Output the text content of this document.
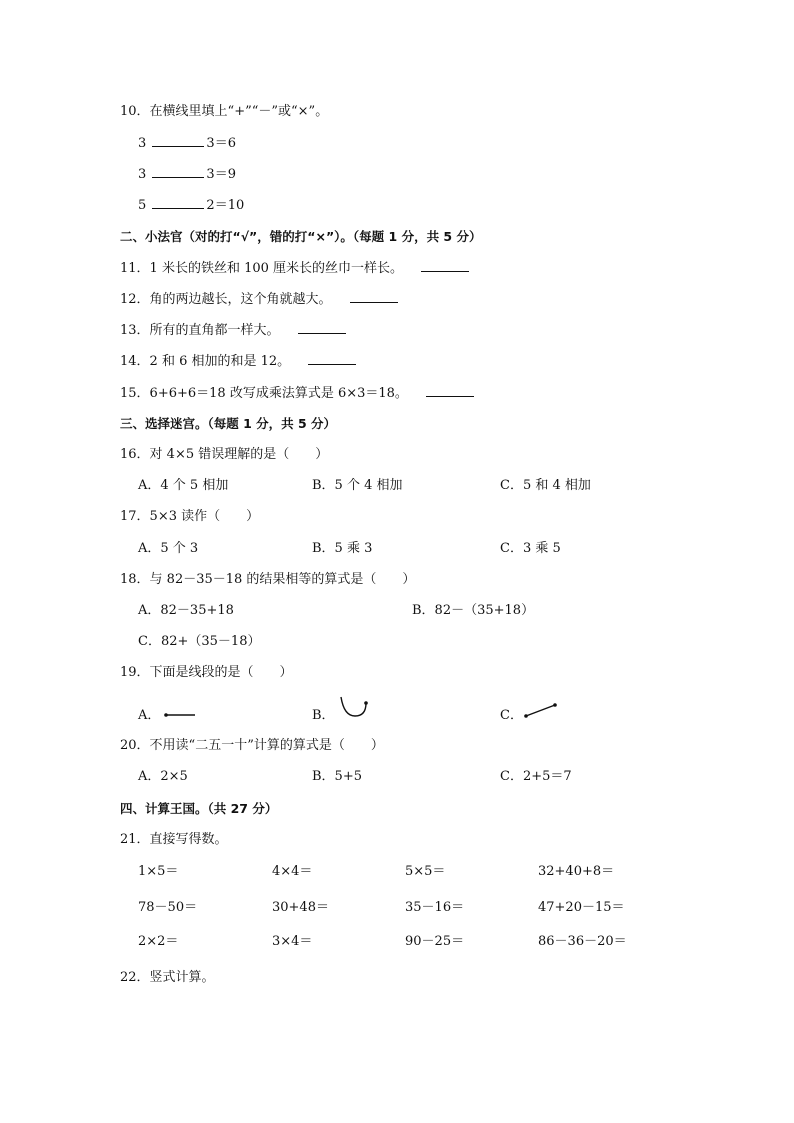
10．在横线里填上“+”“－”或“×”。
3	3＝6
3	3＝9
5	2＝10
二、小法官（对的打“√”，错的打“×”）。（每题 1 分，共 5 分）
11．1 米长的铁丝和 100 厘米长的丝巾一样长。
12．角的两边越长，这个角就越大。
13．所有的直角都一样大。
14．2 和 6 相加的和是 12。
15．6+6+6＝18 改写成乘法算式是 6×3＝18。
三、选择迷宫。（每题 1 分，共 5 分）
16．对 4×5 错误理解的是（　　）
A．4 个 5 相加	B．5 个 4 相加	C．5 和 4 相加
17．5×3 读作（　　）
A．5 个 3	B．5 乘 3	C．3 乘 5
18．与 82－35－18 的结果相等的算式是（　　）
A．82－35+18	B．82－（35+18）
C．82+（35－18）
19．下面是线段的是（　　）
A．	B．	C．
20．不用读“二五一十”计算的算式是（　　）
A．2×5	B．5+5	C．2+5＝7
四、计算王国。（共 27 分）
21．直接写得数。
1×5＝	4×4＝	5×5＝	32+40+8＝
78－50＝	30+48＝	35－16＝	47+20－15＝
2×2＝	3×4＝	90－25＝	86－36－20＝
22．竖式计算。
